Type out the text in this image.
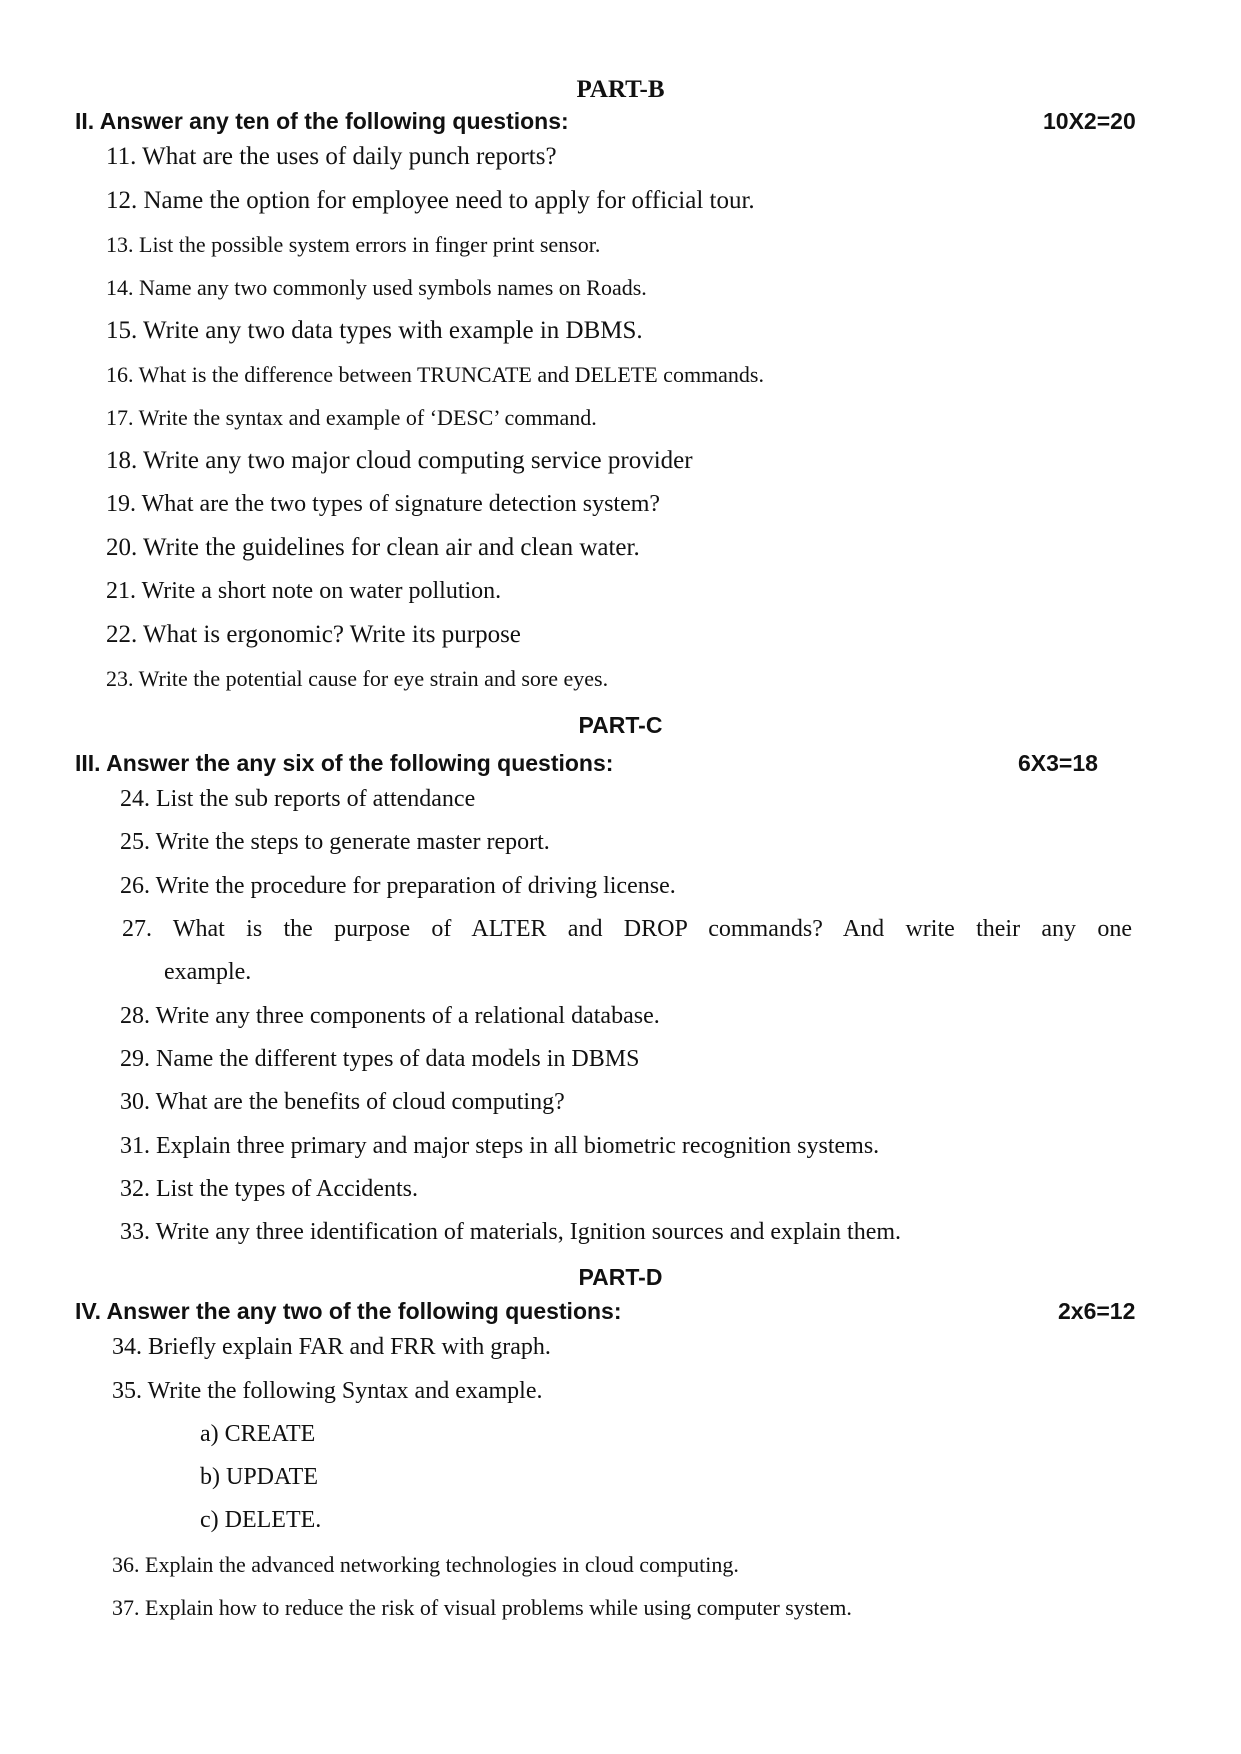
PART-B
II. Answer any ten of the following questions:	10X2=20
11. What are the uses of daily punch reports?
12. Name the option for employee need to apply for official tour.
13. List the possible system errors in finger print sensor.
14. Name any two commonly used symbols names on Roads.
15. Write any two data types with example in DBMS.
16. What is the difference between TRUNCATE and DELETE commands.
17. Write the syntax and example of ‘DESC’ command.
18. Write any two major cloud computing service provider
19. What are the two types of signature detection system?
20. Write the guidelines for clean air and clean water.
21. Write a short note on water pollution.
22. What is ergonomic? Write its purpose
23. Write the potential cause for eye strain and sore eyes.
PART-C
III. Answer the any six of the following questions:	6X3=18
24. List the sub reports of attendance
25. Write the steps to generate master report.
26. Write the procedure for preparation of driving license.
27. What is the purpose of ALTER and DROP commands? And write their any one
example.
28. Write any three components of a relational database.
29. Name the different types of data models in DBMS
30. What are the benefits of cloud computing?
31. Explain three primary and major steps in all biometric recognition systems.
32. List the types of Accidents.
33. Write any three identification of materials, Ignition sources and explain them.
PART-D
IV. Answer the any two of the following questions:	2x6=12
34. Briefly explain FAR and FRR with graph.
35. Write the following Syntax and example.
a) CREATE
b) UPDATE
c) DELETE.
36. Explain the advanced networking technologies in cloud computing.
37. Explain how to reduce the risk of visual problems while using computer system.
